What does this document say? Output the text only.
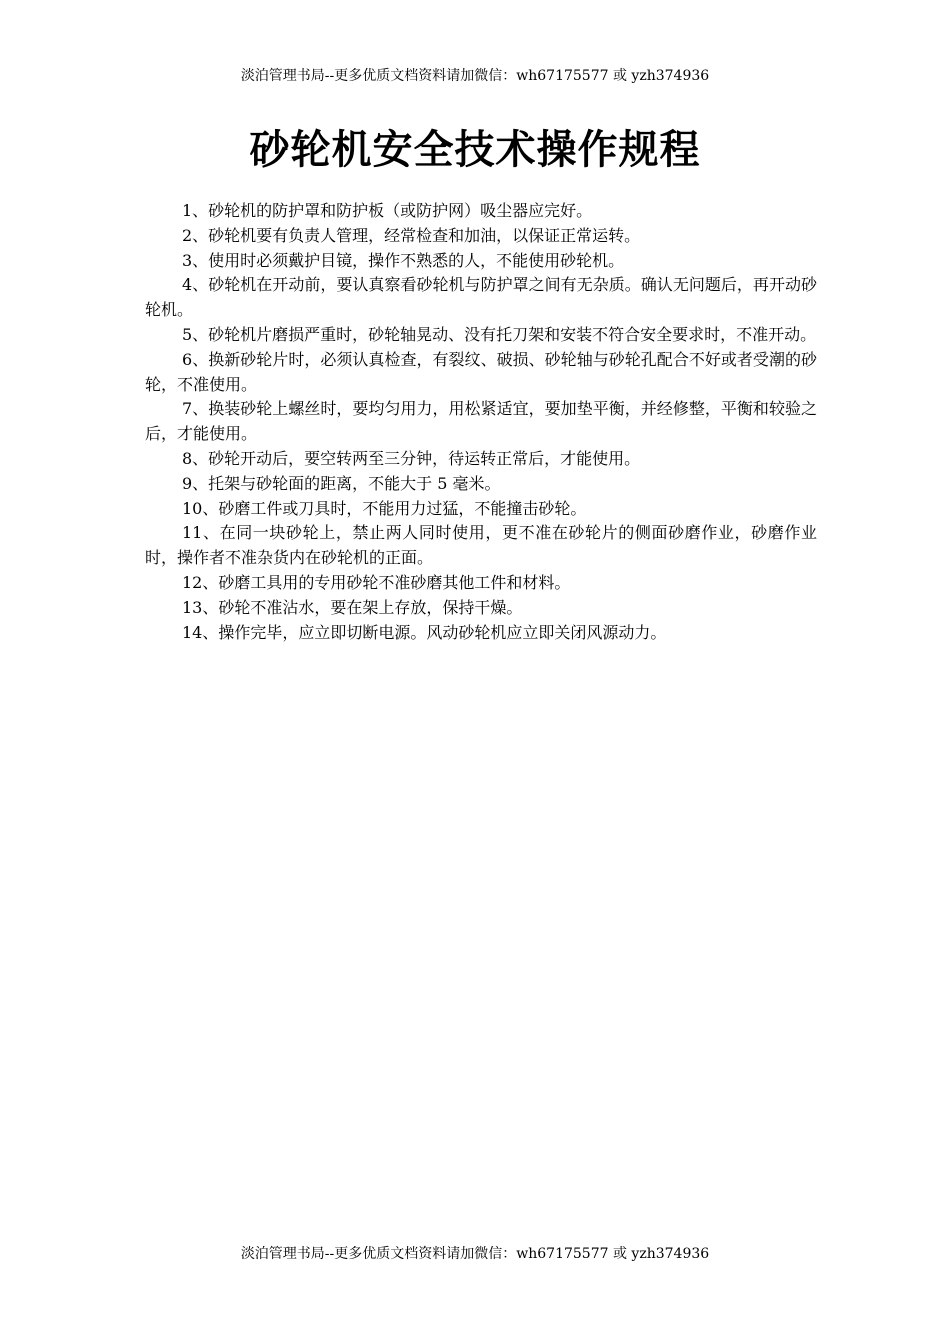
淡泊管理书局--更多优质文档资料请加微信：wh67175577 或 yzh374936
砂轮机安全技术操作规程
1、砂轮机的防护罩和防护板（或防护网）吸尘器应完好。
2、砂轮机要有负责人管理，经常检查和加油，以保证正常运转。
3、使用时必须戴护目镜，操作不熟悉的人，不能使用砂轮机。
4、砂轮机在开动前，要认真察看砂轮机与防护罩之间有无杂质。确认无问题后，再开动砂轮机。
5、砂轮机片磨损严重时，砂轮轴晃动、没有托刀架和安装不符合安全要求时，不准开动。
6、换新砂轮片时，必须认真检查，有裂纹、破损、砂轮轴与砂轮孔配合不好或者受潮的砂轮，不准使用。
7、换装砂轮上螺丝时，要均匀用力，用松紧适宜，要加垫平衡，并经修整，平衡和较验之后，才能使用。
8、砂轮开动后，要空转两至三分钟，待运转正常后，才能使用。
9、托架与砂轮面的距离，不能大于 5 毫米。
10、砂磨工件或刀具时，不能用力过猛，不能撞击砂轮。
11、在同一块砂轮上，禁止两人同时使用，更不准在砂轮片的侧面砂磨作业，砂磨作业时，操作者不准杂货内在砂轮机的正面。
12、砂磨工具用的专用砂轮不准砂磨其他工件和材料。
13、砂轮不准沾水，要在架上存放，保持干燥。
14、操作完毕，应立即切断电源。风动砂轮机应立即关闭风源动力。
淡泊管理书局--更多优质文档资料请加微信：wh67175577 或 yzh374936
